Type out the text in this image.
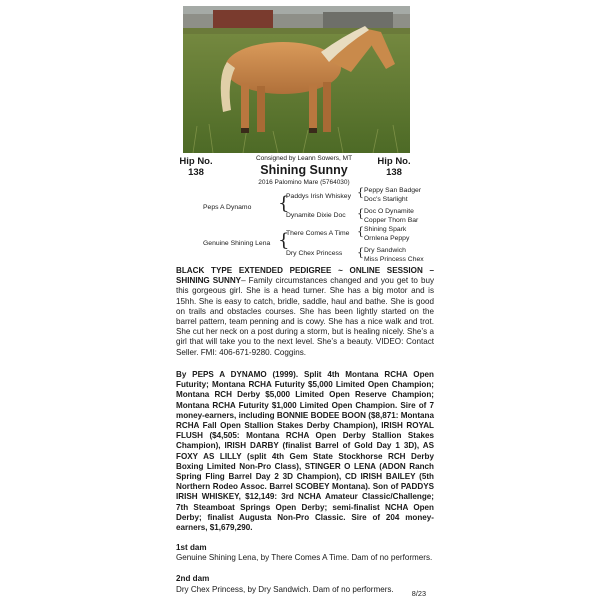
Hip No.
138
Hip No.
138
Consigned by Leann Sowers, MT
Shining Sunny
2016 Palomino Mare (5764030)
Peps A Dynamo {
Paddys Irish Whiskey
Dynamite Dixie Doc
{ Peppy San Badger
Doc's Starlight
{ Doc O Dynamite
Copper Thorn Bar
Genuine Shining Lena {
There Comes A Time
Dry Chex Princess
{ Shining Spark
Ornlena Peppy
{ Dry Sandwich
Miss Princess Chex
BLACK TYPE EXTENDED PEDIGREE ~ ONLINE SESSION – SHINING SUNNY– Family circumstances changed and you get to buy this gorgeous girl. She is a head turner. She has a big motor and is 15hh. She is easy to catch, bridle, saddle, haul and bathe. She is good on trails and obstacles courses. She has been lightly started on the barrel pattern, team penning and is cowy. She has a nice walk and trot. She cut her neck on a post during a storm, but is healing nicely. She’s a girl that will take you to the next level. She’s a beauty. VIDEO: Contact Seller. FMI: 406-671-9280. Coggins.
By PEPS A DYNAMO (1999). Split 4th Montana RCHA Open Futurity; Montana RCHA Futurity $5,000 Limited Open Champion; Montana RCH Derby $5,000 Limited Open Reserve Champion; Montana RCHA Futurity $1,000 Limited Open Champion. Sire of 7 money-earners, including BONNIE BODEE BOON ($8,871: Montana RCHA Fall Open Stallion Stakes Derby Champion), IRISH ROYAL FLUSH ($4,505: Montana RCHA Open Derby Stallion Stakes Champion), IRISH DARBY (finalist Barrel of Gold Day 1 3D), AS FOXY AS LILLY (split 4th Gem State Stockhorse RCH Derby Boxing Limited Non-Pro Class), STINGER O LENA (ADON Ranch Spring Fling Barrel Day 2 3D Champion), CD IRISH BAILEY (5th Northern Rodeo Assoc. Barrel SCOBEY Montana). Son of PADDYS IRISH WHISKEY, $12,149: 3rd NCHA Amateur Classic/Challenge; 7th Steamboat Springs Open Derby; semi-finalist NCHA Open Derby; finalist Augusta Non-Pro Classic. Sire of 204 money-earners, $1,679,290.
1st dam
Genuine Shining Lena, by There Comes A Time. Dam of no performers.
2nd dam
Dry Chex Princess, by Dry Sandwich. Dam of no performers.	8/23
